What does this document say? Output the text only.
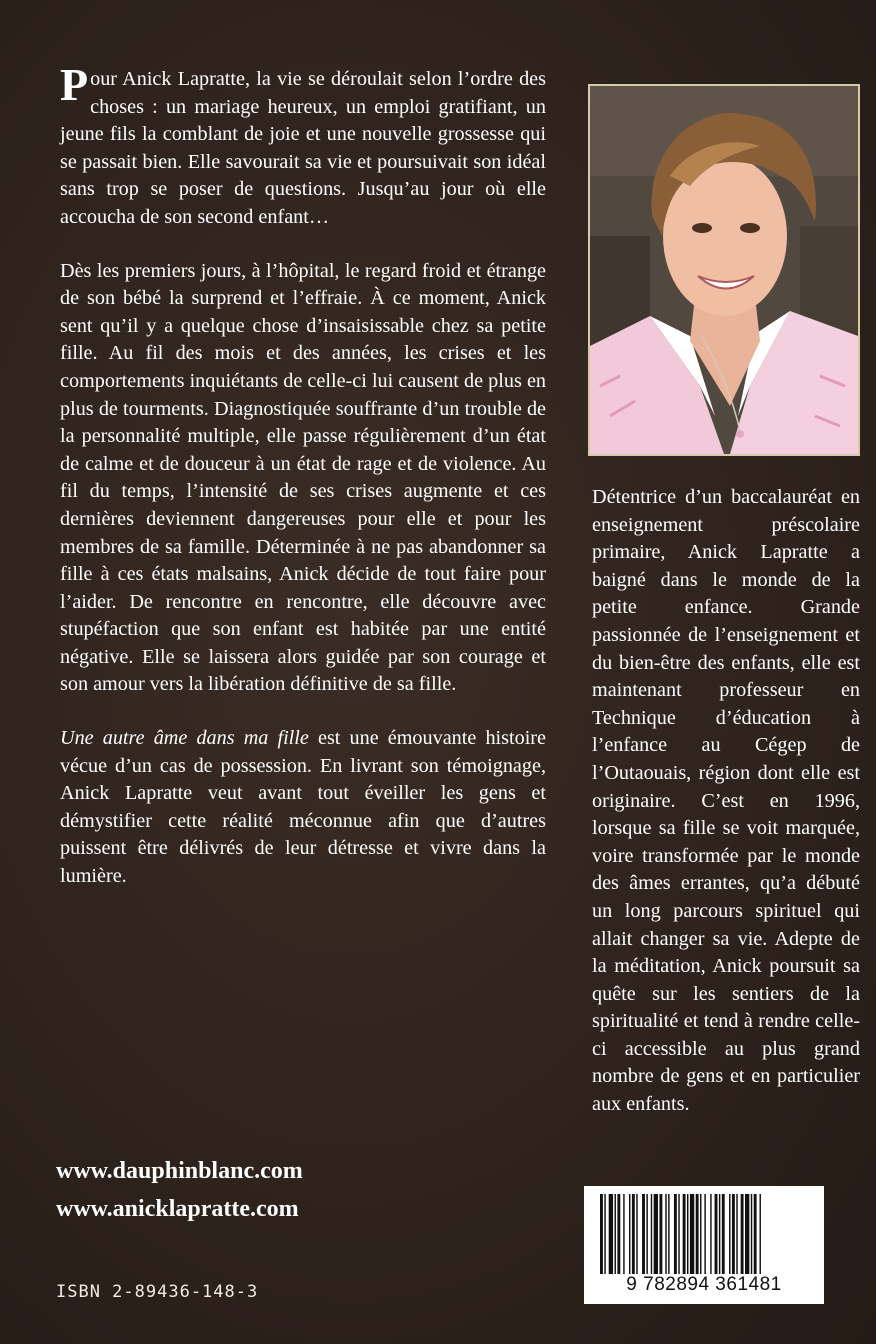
Pour Anick Lapratte, la vie se déroulait selon l’ordre des choses : un mariage heureux, un emploi gratifiant, un jeune fils la comblant de joie et une nouvelle grossesse qui se passait bien. Elle savourait sa vie et poursuivait son idéal sans trop se poser de questions. Jusqu’au jour où elle accoucha de son second enfant…

Dès les premiers jours, à l’hôpital, le regard froid et étrange de son bébé la surprend et l’effraie. À ce moment, Anick sent qu’il y a quelque chose d’insaisissable chez sa petite fille. Au fil des mois et des années, les crises et les comportements inquiétants de celle-ci lui causent de plus en plus de tourments. Diagnostiquée souffrante d’un trouble de la personnalité multiple, elle passe régulièrement d’un état de calme et de douceur à un état de rage et de violence. Au fil du temps, l’intensité de ses crises augmente et ces dernières deviennent dangereuses pour elle et pour les membres de sa famille. Déterminée à ne pas abandonner sa fille à ces états malsains, Anick décide de tout faire pour l’aider. De rencontre en rencontre, elle découvre avec stupéfaction que son enfant est habitée par une entité négative. Elle se laissera alors guidée par son courage et son amour vers la libération définitive de sa fille.

Une autre âme dans ma fille est une émouvante histoire vécue d’un cas de possession. En livrant son témoignage, Anick Lapratte veut avant tout éveiller les gens et démystifier cette réalité méconnue afin que d’autres puissent être délivrés de leur détresse et vivre dans la lumière.

Détentrice d’un baccalauréat en enseignement préscolaire primaire, Anick Lapratte a baigné dans le monde de la petite enfance. Grande passionnée de l’enseignement et du bien-être des enfants, elle est maintenant professeur en Technique d’éducation à l’enfance au Cégep de l’Outaouais, région dont elle est originaire. C’est en 1996, lorsque sa fille se voit marquée, voire transformée par le monde des âmes errantes, qu’a débuté un long parcours spirituel qui allait changer sa vie. Adepte de la méditation, Anick poursuit sa quête sur les sentiers de la spiritualité et tend à rendre celle-ci accessible au plus grand nombre de gens et en particulier aux enfants.

www.dauphinblanc.com
www.anicklapratte.com
ISBN 2-89436-148-3	9 782894 361481
